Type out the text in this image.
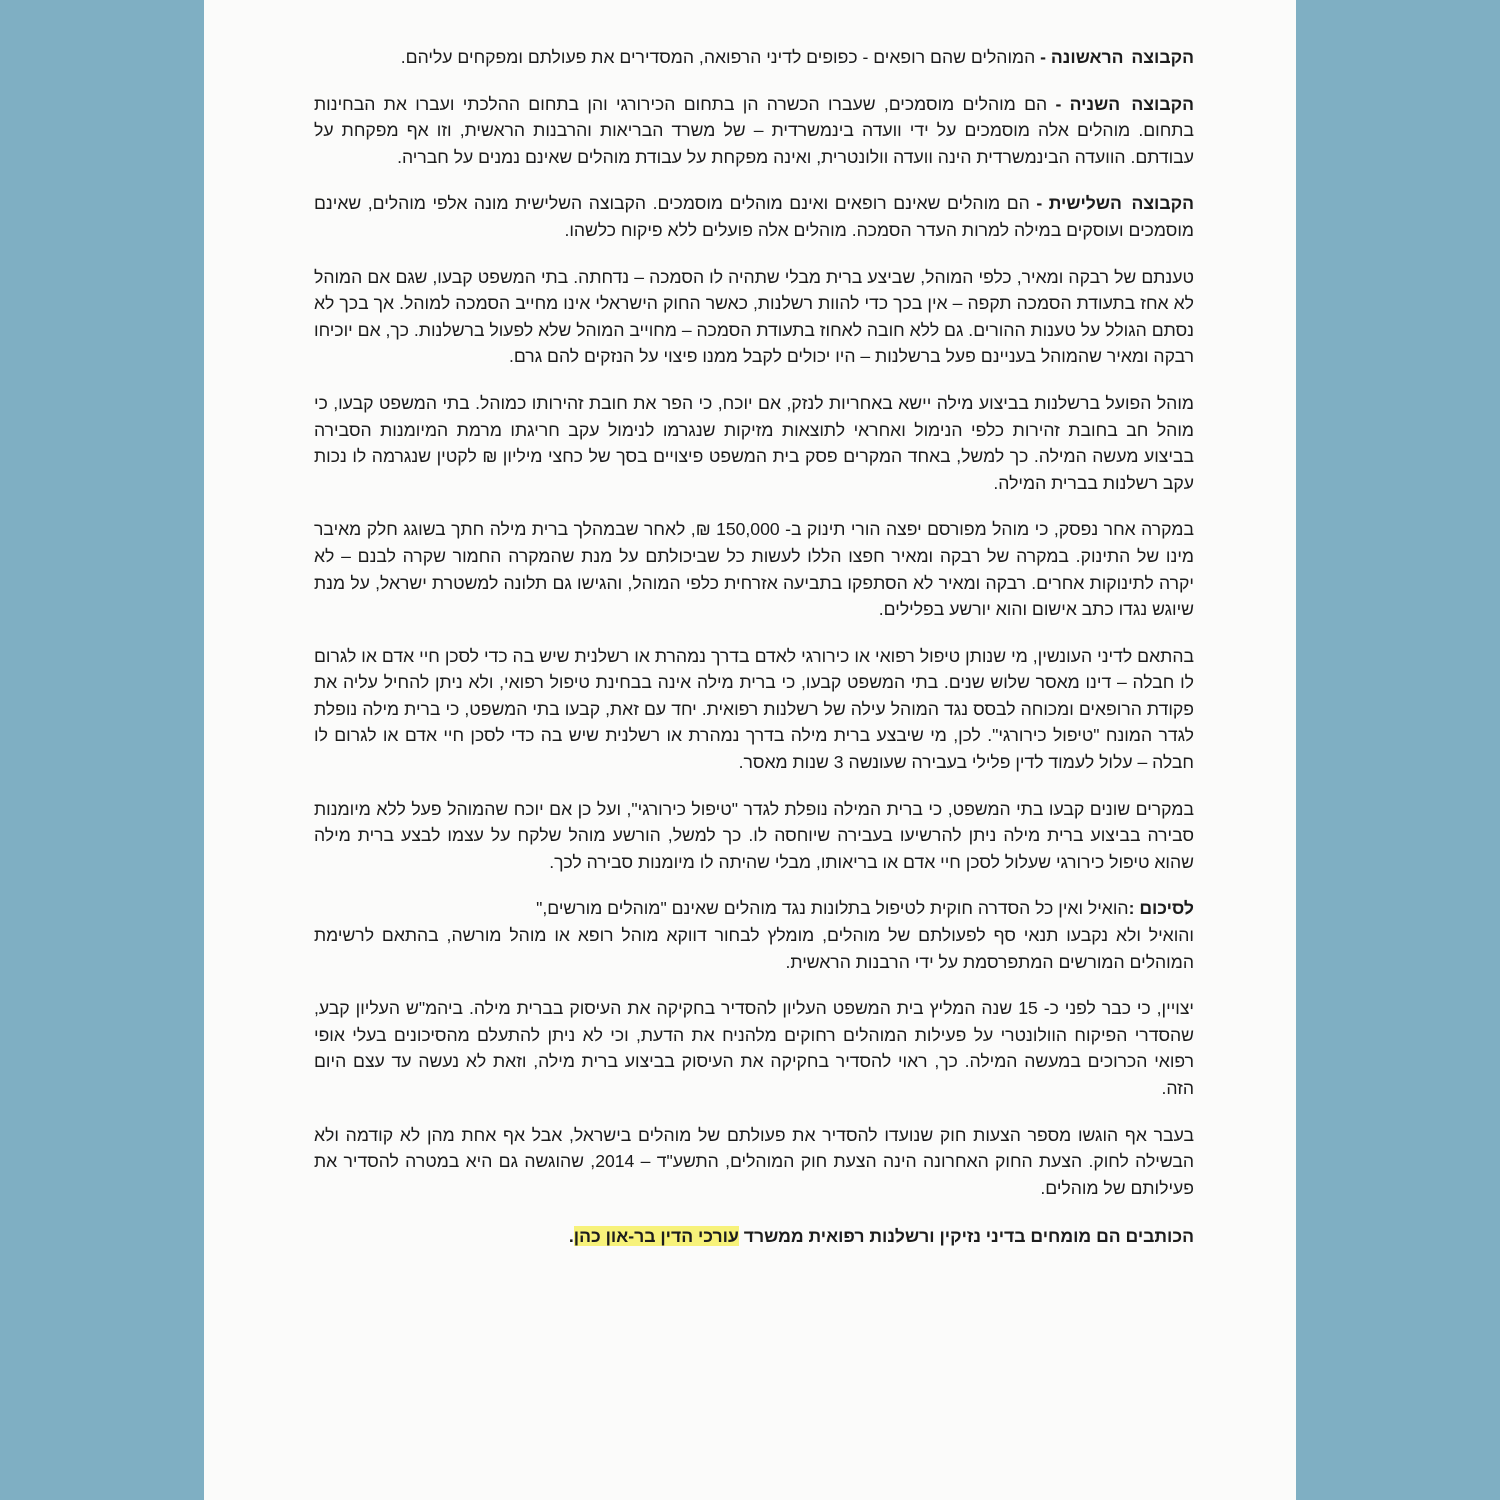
הקבוצה הראשונה - המוהלים שהם רופאים - כפופים לדיני הרפואה, המסדירים את פעולתם ומפקחים עליהם.

הקבוצה השניה - הם מוהלים מוסמכים, שעברו הכשרה הן בתחום הכירורגי והן בתחום ההלכתי ועברו את הבחינות בתחום. מוהלים אלה מוסמכים על ידי וועדה בינמשרדית – של משרד הבריאות והרבנות הראשית, וזו אף מפקחת על עבודתם. הוועדה הבינמשרדית הינה וועדה וולונטרית, ואינה מפקחת על עבודת מוהלים שאינם נמנים על חבריה.

הקבוצה השלישית - הם מוהלים שאינם רופאים ואינם מוהלים מוסמכים. הקבוצה השלישית מונה אלפי מוהלים, שאינם מוסמכים ועוסקים במילה למרות העדר הסמכה. מוהלים אלה פועלים ללא פיקוח כלשהו.

טענתם של רבקה ומאיר, כלפי המוהל, שביצע ברית מבלי שתהיה לו הסמכה – נדחתה. בתי המשפט קבעו, שגם אם המוהל לא אחז בתעודת הסמכה תקפה – אין בכך כדי להוות רשלנות, כאשר החוק הישראלי אינו מחייב הסמכה למוהל. אך בכך לא נסתם הגולל על טענות ההורים. גם ללא חובה לאחוז בתעודת הסמכה – מחוייב המוהל שלא לפעול ברשלנות. כך, אם יוכיחו רבקה ומאיר שהמוהל בעניינם פעל ברשלנות – היו יכולים לקבל ממנו פיצוי על הנזקים להם גרם.

מוהל הפועל ברשלנות בביצוע מילה יישא באחריות לנזק, אם יוכח, כי הפר את חובת זהירותו כמוהל. בתי המשפט קבעו, כי מוהל חב בחובת זהירות כלפי הנימול ואחראי לתוצאות מזיקות שנגרמו לנימול עקב חריגתו מרמת המיומנות הסבירה בביצוע מעשה המילה. כך למשל, באחד המקרים פסק בית המשפט פיצויים בסך של כחצי מיליון ₪ לקטין שנגרמה לו נכות עקב רשלנות בברית המילה.

במקרה אחר נפסק, כי מוהל מפורסם יפצה הורי תינוק ב- 150,000 ₪, לאחר שבמהלך ברית מילה חתך בשוגג חלק מאיבר מינו של התינוק. במקרה של רבקה ומאיר חפצו הללו לעשות כל שביכולתם על מנת שהמקרה החמור שקרה לבנם – לא יקרה לתינוקות אחרים. רבקה ומאיר לא הסתפקו בתביעה אזרחית כלפי המוהל, והגישו גם תלונה למשטרת ישראל, על מנת שיוגש נגדו כתב אישום והוא יורשע בפלילים.

בהתאם לדיני העונשין, מי שנותן טיפול רפואי או כירורגי לאדם בדרך נמהרת או רשלנית שיש בה כדי לסכן חיי אדם או לגרום לו חבלה – דינו מאסר שלוש שנים. בתי המשפט קבעו, כי ברית מילה אינה בבחינת טיפול רפואי, ולא ניתן להחיל עליה את פקודת הרופאים ומכוחה לבסס נגד המוהל עילה של רשלנות רפואית. יחד עם זאת, קבעו בתי המשפט, כי ברית מילה נופלת לגדר המונח "טיפול כירורגי". לכן, מי שיבצע ברית מילה בדרך נמהרת או רשלנית שיש בה כדי לסכן חיי אדם או לגרום לו חבלה – עלול לעמוד לדין פלילי בעבירה שעונשה 3 שנות מאסר.

במקרים שונים קבעו בתי המשפט, כי ברית המילה נופלת לגדר "טיפול כירורגי", ועל כן אם יוכח שהמוהל פעל ללא מיומנות סבירה בביצוע ברית מילה ניתן להרשיעו בעבירה שיוחסה לו. כך למשל, הורשע מוהל שלקח על עצמו לבצע ברית מילה שהוא טיפול כירורגי שעלול לסכן חיי אדם או בריאותו, מבלי שהיתה לו מיומנות סבירה לכך.

לסיכום :הואיל ואין כל הסדרה חוקית לטיפול בתלונות נגד מוהלים שאינם "מוהלים מורשים,"
והואיל ולא נקבעו תנאי סף לפעולתם של מוהלים, מומלץ לבחור דווקא מוהל רופא או מוהל מורשה, בהתאם לרשימת המוהלים המורשים המתפרסמת על ידי הרבנות הראשית.

יצויין, כי כבר לפני כ- 15 שנה המליץ בית המשפט העליון להסדיר בחקיקה את העיסוק בברית מילה. ביהמ"ש העליון קבע, שהסדרי הפיקוח הוולונטרי על פעילות המוהלים רחוקים מלהניח את הדעת, וכי לא ניתן להתעלם מהסיכונים בעלי אופי רפואי הכרוכים במעשה המילה. כך, ראוי להסדיר בחקיקה את העיסוק בביצוע ברית מילה, וזאת לא נעשה עד עצם היום הזה.

בעבר אף הוגשו מספר הצעות חוק שנועדו להסדיר את פעולתם של מוהלים בישראל, אבל אף אחת מהן לא קודמה ולא הבשילה לחוק. הצעת החוק האחרונה הינה הצעת חוק המוהלים, התשע"ד – 2014, שהוגשה גם היא במטרה להסדיר את פעילותם של מוהלים.

הכותבים הם מומחים בדיני נזיקין ורשלנות רפואית ממשרד עורכי הדין בר-און כהן.
